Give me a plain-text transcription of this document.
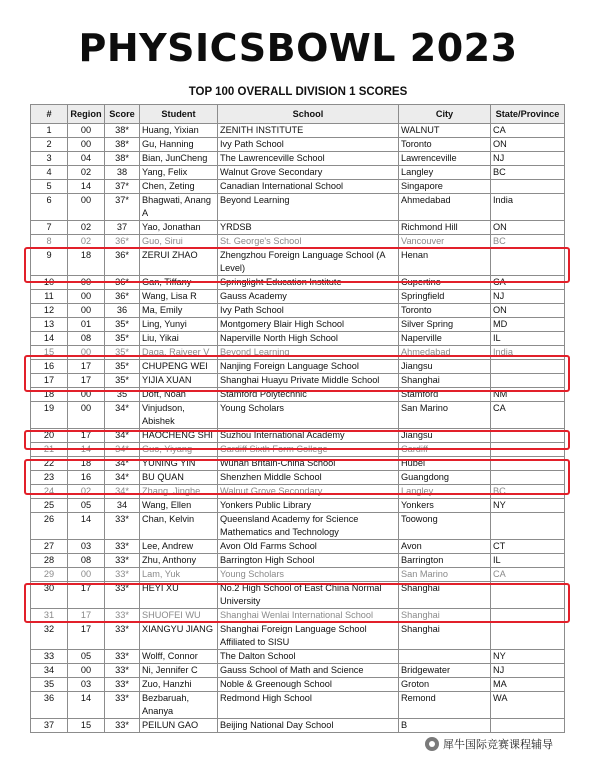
PHYSICSBOWL 2023
TOP 100 OVERALL DIVISION 1 SCORES
#	Region	Score	Student	School	City	State/Province
1	00	38*	Huang, Yixian	ZENITH INSTITUTE	WALNUT	CA
2	00	38*	Gu, Hanning	Ivy Path School	Toronto	ON
3	04	38*	Bian, JunCheng	The Lawrenceville School	Lawrenceville	NJ
4	02	38	Yang, Felix	Walnut Grove Secondary	Langley	BC
5	14	37*	Chen, Zeting	Canadian International School	Singapore	
6	00	37*	Bhagwati, Anang A	Beyond Learning	Ahmedabad	India
7	02	37	Yao, Jonathan	YRDSB	Richmond Hill	ON
8	02	36*	Guo, Sirui	St. George's School	Vancouver	BC
9	18	36*	ZERUI ZHAO	Zhengzhou Foreign Language School (A Level)	Henan	
10	00	36*	Gan, Tiffany	Springlight Education Institute	Cupertino	CA
11	00	36*	Wang, Lisa R	Gauss Academy	Springfield	NJ
12	00	36	Ma, Emily	Ivy Path School	Toronto	ON
13	01	35*	Ling, Yunyi	Montgomery Blair High School	Silver Spring	MD
14	08	35*	Liu, Yikai	Naperville North High School	Naperville	IL
15	00	35*	Daga, Rajveer V	Beyond Learning	Ahmedabad	India
16	17	35*	CHUPENG WEI	Nanjing Foreign Language School	Jiangsu	
17	17	35*	YIJIA XUAN	Shanghai Huayu Private Middle School	Shanghai	
18	00	35	Doft, Noah	Stamford Polytechnic	Stamford	NM
19	00	34*	Vinjudson, Abishek	Young Scholars	San Marino	CA
20	17	34*	HAOCHENG SHI	Suzhou International Academy	Jiangsu	
21	14	34*	Guo, Yiyang	Cardiff Sixth Form College	Cardiff	
22	18	34*	YUNING YIN	Wuhan Britain-China School	Hubei	
23	16	34*	BU QUAN	Shenzhen Middle School	Guangdong	
24	02	34*	Zhang, Jinghe	Walnut Grove Secondary	Langley	BC
25	05	34	Wang, Ellen	Yonkers Public Library	Yonkers	NY
26	14	33*	Chan, Kelvin	Queensland Academy for Science Mathematics and Technology	Toowong	
27	03	33*	Lee, Andrew	Avon Old Farms School	Avon	CT
28	08	33*	Zhu, Anthony	Barrington High School	Barrington	IL
29	00	33*	Lam, Yuk	Young Scholars	San Marino	CA
30	17	33*	HEYI XU	No.2 High School of East China Normal University	Shanghai	
31	17	33*	SHUOFEI WU	Shanghai Wenlai International School	Shanghai	
32	17	33*	XIANGYU JIANG	Shanghai Foreign Language School Affiliated to SISU	Shanghai	
33	05	33*	Wolff, Connor	The Dalton School		NY
34	00	33*	Ni, Jennifer C	Gauss School of Math and Science	Bridgewater	NJ
35	03	33*	Zuo, Hanzhi	Noble & Greenough School	Groton	MA
36	14	33*	Bezbaruah, Ananya	Redmond High School	Remond	WA
37	15	33*	PEILUN GAO	Beijing National Day School	B	
犀牛国际竞赛课程辅导
